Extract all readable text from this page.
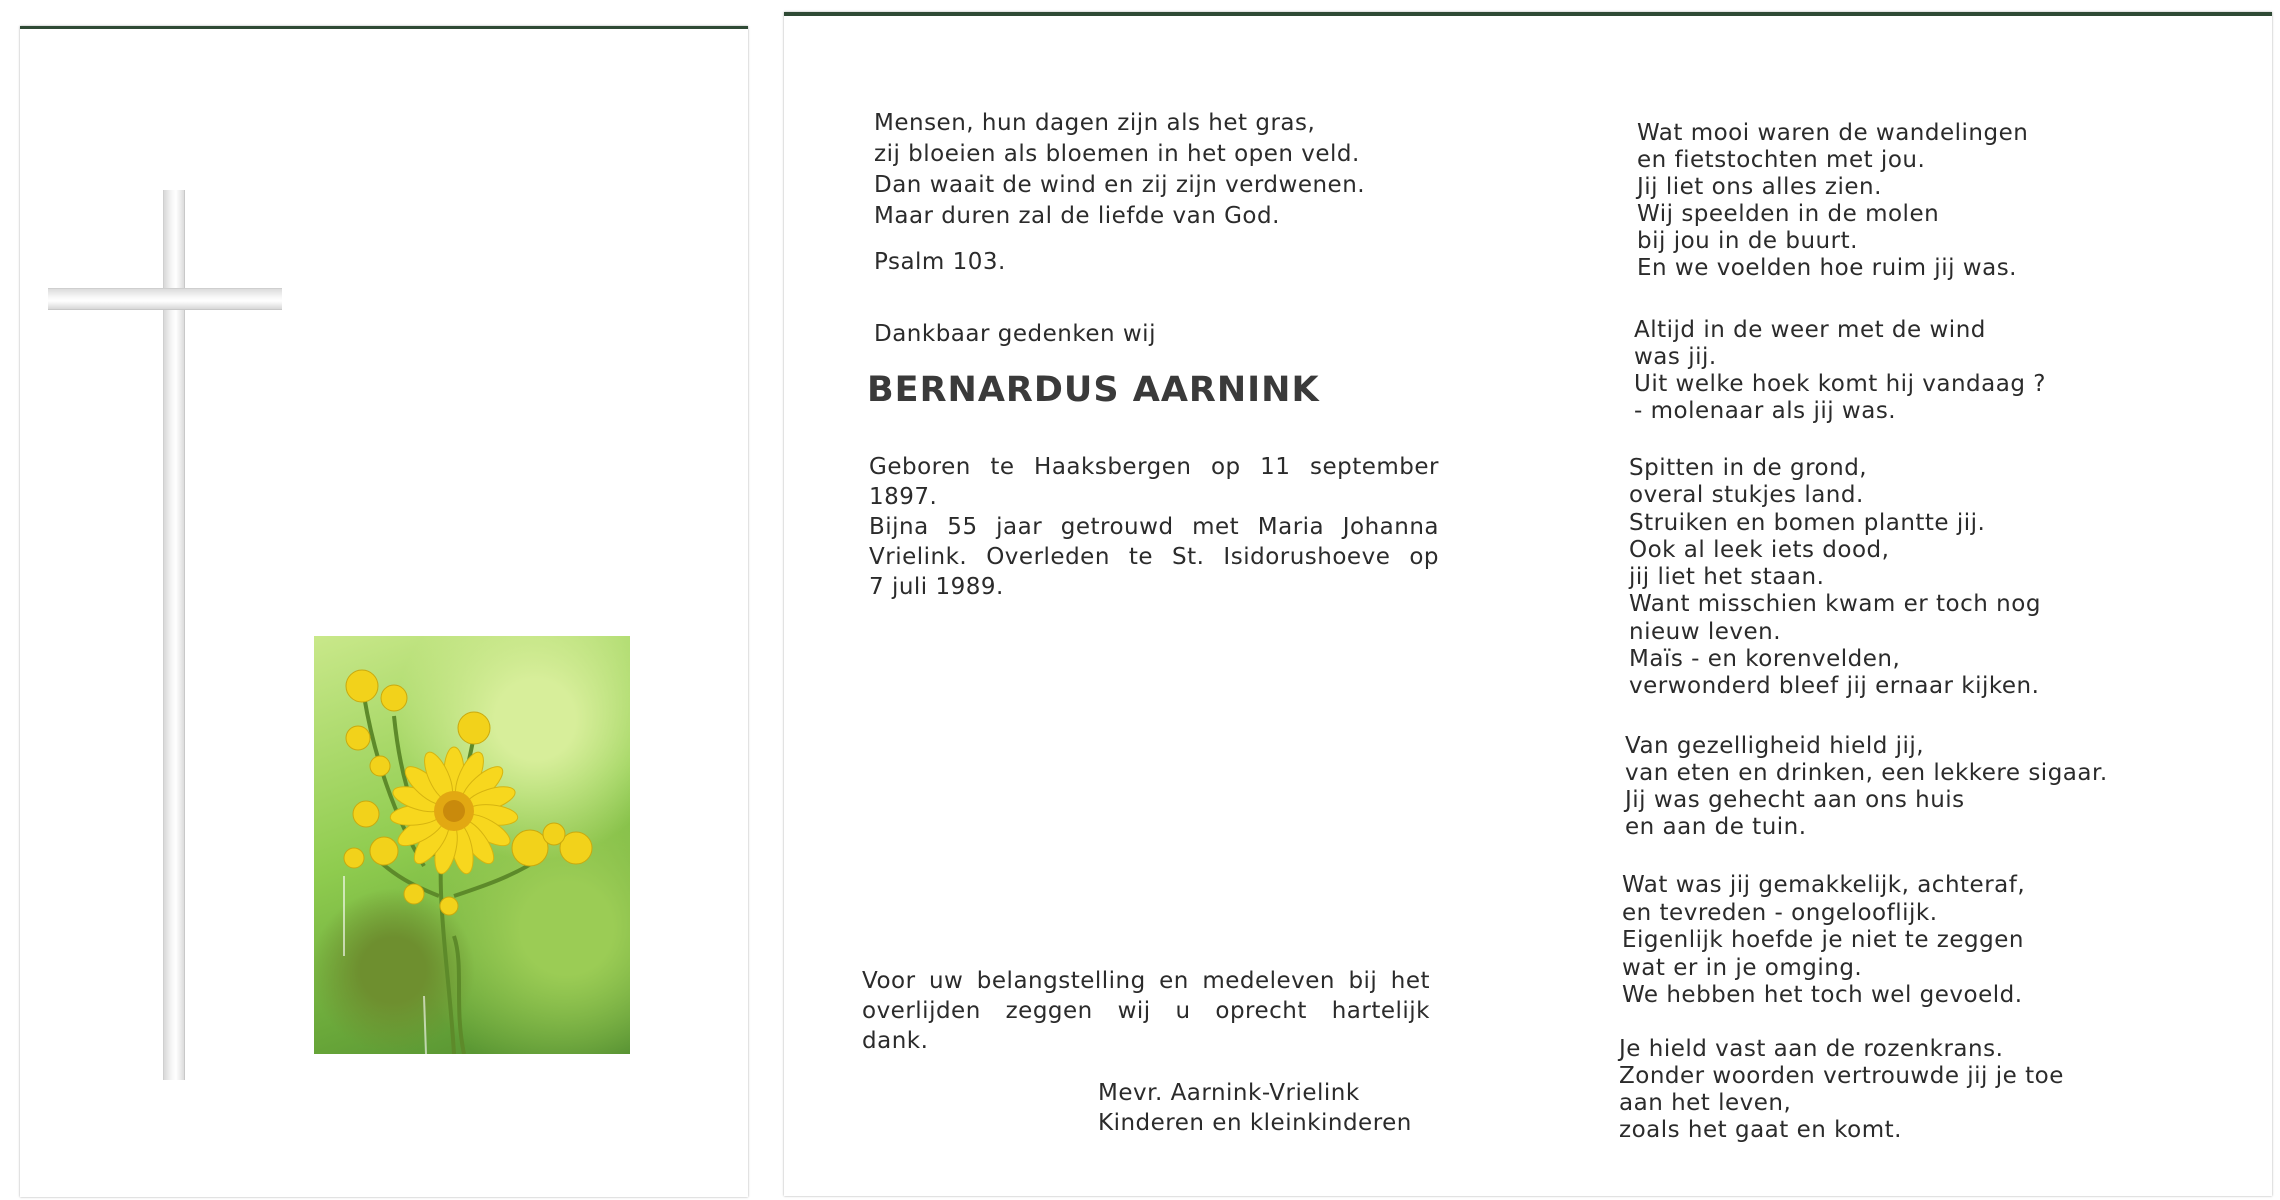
Mensen, hun dagen zijn als het gras,
zij bloeien als bloemen in het open veld.
Dan waait de wind en zij zijn verdwenen.
Maar duren zal de liefde van God.
Psalm 103.
Dankbaar gedenken wij
BERNARDUS AARNINK
Geboren te Haaksbergen op 11 september 1897.
Bijna 55 jaar getrouwd met Maria Johanna
Vrielink. Overleden te St. Isidorushoeve op
7 juli 1989.
Voor uw belangstelling en medeleven bij het
overlijden zeggen wij u oprecht hartelijk
dank.
Mevr. Aarnink-Vrielink
Kinderen en kleinkinderen
Wat mooi waren de wandelingen
en fietstochten met jou.
Jij liet ons alles zien.
Wij speelden in de molen
bij jou in de buurt.
En we voelden hoe ruim jij was.
Altijd in de weer met de wind
was jij.
Uit welke hoek komt hij vandaag ?
- molenaar als jij was.
Spitten in de grond,
overal stukjes land.
Struiken en bomen plantte jij.
Ook al leek iets dood,
jij liet het staan.
Want misschien kwam er toch nog
nieuw leven.
Maïs - en korenvelden,
verwonderd bleef jij ernaar kijken.
Van gezelligheid hield jij,
van eten en drinken, een lekkere sigaar.
Jij was gehecht aan ons huis
en aan de tuin.
Wat was jij gemakkelijk, achteraf,
en tevreden - ongelooflijk.
Eigenlijk hoefde je niet te zeggen
wat er in je omging.
We hebben het toch wel gevoeld.
Je hield vast aan de rozenkrans.
Zonder woorden vertrouwde jij je toe
aan het leven,
zoals het gaat en komt.
